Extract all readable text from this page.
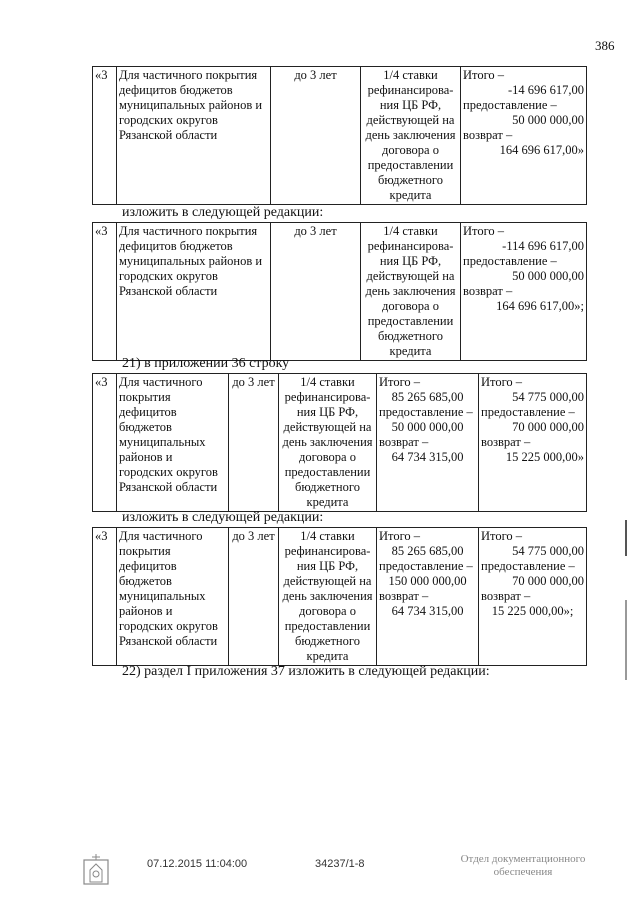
386
«3	Для частичного покрытия
дефицитов бюджетов
муниципальных районов и
городских округов
Рязанской области
	до 3 лет	1/4 ставки
рефинансирова-
ния ЦБ РФ,
действующей на
день заключения
договора о
предоставлении
бюджетного
кредита

Итого –
-14 696 617,00
предоставление –
50 000 000,00
возврат –
164 696 617,00»
изложить в следующей редакции:
«3	Для частичного покрытия
дефицитов бюджетов
муниципальных районов и
городских округов
Рязанской области
	до 3 лет	1/4 ставки
рефинансирова-
ния ЦБ РФ,
действующей на
день заключения
договора о
предоставлении
бюджетного
кредита

Итого –
-114 696 617,00
предоставление –
50 000 000,00
возврат –
164 696 617,00»;
21) в приложении 36 строку
«3	Для частичного
покрытия
дефицитов
бюджетов
муниципальных
районов и
городских округов
Рязанской области
	до 3 лет	1/4 ставки
рефинансирова-
ния ЦБ РФ,
действующей на
день заключения
договора о
предоставлении
бюджетного
кредита

Итого –
85 265 685,00
предоставление –
50 000 000,00
возврат –
64 734 315,00

Итого –
54 775 000,00
предоставление –
70 000 000,00
возврат –
15 225 000,00»
изложить в следующей редакции:
«3	Для частичного
покрытия
дефицитов
бюджетов
муниципальных
районов и
городских округов
Рязанской области
	до 3 лет	1/4 ставки
рефинансирова-
ния ЦБ РФ,
действующей на
день заключения
договора о
предоставлении
бюджетного
кредита

Итого –
85 265 685,00
предоставление –
150 000 000,00
возврат –
64 734 315,00

Итого –
54 775 000,00
предоставление –
70 000 000,00
возврат –
15 225 000,00»;
22) раздел I приложения 37 изложить в следующей редакции:
07.12.2015 11:04:00	34237/1-8	Отдел документационного обеспечения
